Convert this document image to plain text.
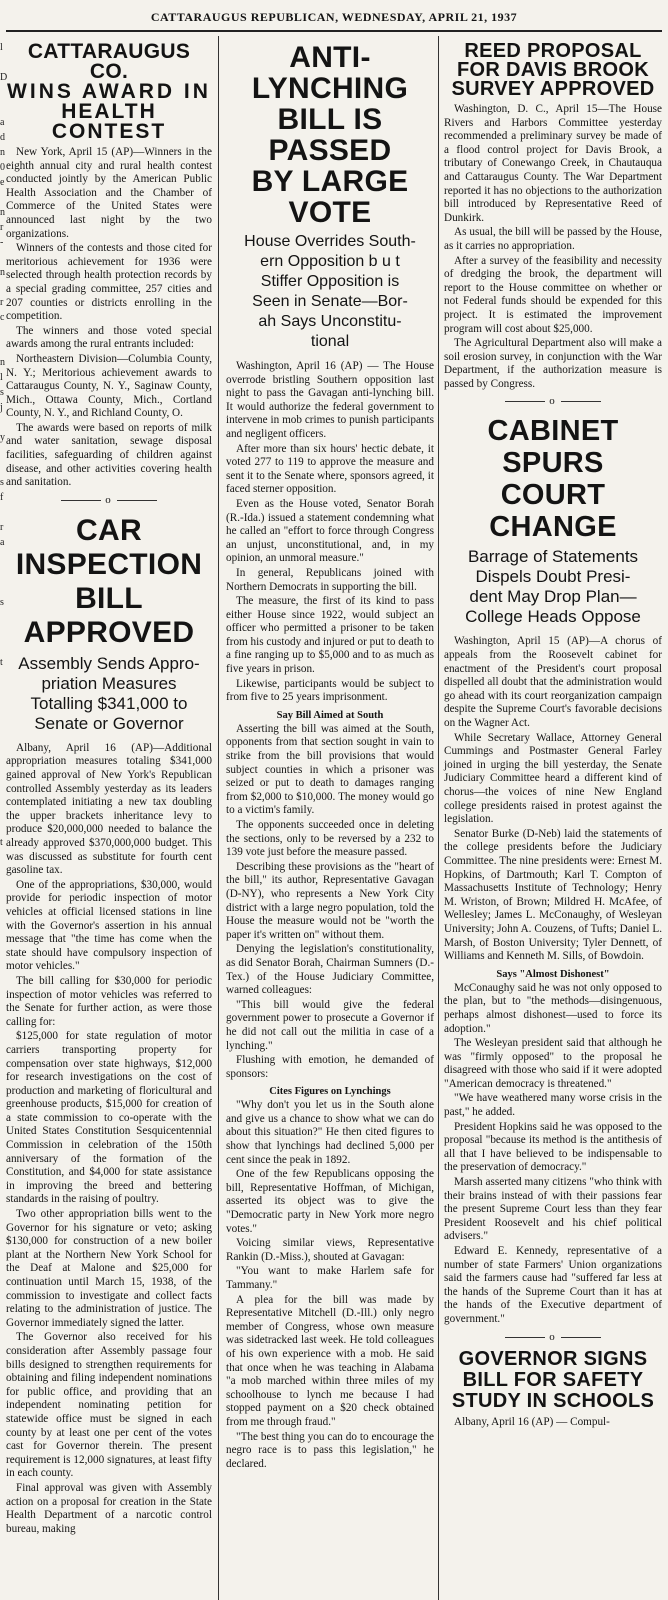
CATTARAUGUS REPUBLICAN, WEDNESDAY, APRIL 21, 1937
l

D

a
d
n
0
e

n
r
-

n

r
c

n
l
s
j

y

s
f

r
a

s

t

t
CATTARAUGUS CO.
WINS AWARD IN
HEALTH CONTEST

New York, April 15 (AP)—Winners in the eighth annual city and rural health contest conducted jointly by the American Public Health Association and the Chamber of Commerce of the United States were announced last night by the two organizations.

Winners of the contests and those cited for meritorious achievement for 1936 were selected through health protection records by a special grading committee, 257 cities and 207 counties or districts enrolling in the competition.

The winners and those voted special awards among the rural entrants included:

Northeastern Division—Columbia County, N. Y.; Meritorious achievement awards to Cattaraugus County, N. Y., Saginaw County, Mich., Ottawa County, Mich., Cortland County, N. Y., and Richland County, O.

The awards were based on reports of milk and water sanitation, sewage disposal facilities, safeguarding of children against disease, and other activities covering health and sanitation.

o
CAR INSPECTION
BILL APPROVED
Assembly Sends Appro-
priation Measures
Totalling $341,000 to
Senate or Governor

Albany, April 16 (AP)—Additional appropriation measures totaling $341,000 gained approval of New York's Republican controlled Assembly yesterday as its leaders contemplated initiating a new tax doubling the upper brackets inheritance levy to produce $20,000,000 needed to balance the already approved $370,000,000 budget. This was discussed as substitute for fourth cent gasoline tax.

One of the appropriations, $30,000, would provide for periodic inspection of motor vehicles at official licensed stations in line with the Governor's assertion in his annual message that "the time has come when the state should have compulsory inspection of motor vehicles."

The bill calling for $30,000 for periodic inspection of motor vehicles was referred to the Senate for further action, as were those calling for:

$125,000 for state regulation of motor carriers transporting property for compensation over state highways, $12,000 for research investigations on the cost of production and marketing of floricultural and greenhouse products, $15,000 for creation of a state commission to co-operate with the United States Constitution Sesquicentennial Commission in celebration of the 150th anniversary of the formation of the Constitution, and $4,000 for state assistance in improving the breed and bettering standards in the raising of poultry.

Two other appropriation bills went to the Governor for his signature or veto; asking $130,000 for construction of a new boiler plant at the Northern New York School for the Deaf at Malone and $25,000 for continuation until March 15, 1938, of the commission to investigate and collect facts relating to the administration of justice. The Governor immediately signed the latter.

The Governor also received for his consideration after Assembly passage four bills designed to strengthen requirements for obtaining and filing independent nominations for public office, and providing that an independent nominating petition for statewide office must be signed in each county by at least one per cent of the votes cast for Governor therein. The present requirement is 12,000 signatures, at least fifty in each county.

Final approval was given with Assembly action on a proposal for creation in the State Health Department of a narcotic control bureau, making

ANTI-LYNCHING
BILL IS PASSED
BY LARGE VOTE
House Overrides South-
ern Opposition b u t
Stiffer Opposition is
Seen in Senate—Bor-
ah Says Unconstitu-
tional

Washington, April 16 (AP) — The House overrode bristling Southern opposition last night to pass the Gavagan anti-lynching bill. It would authorize the federal government to intervene in mob crimes to punish participants and negligent officers.

After more than six hours' hectic debate, it voted 277 to 119 to approve the measure and sent it to the Senate where, sponsors agreed, it faced sterner opposition.

Even as the House voted, Senator Borah (R.-Ida.) issued a statement condemning what he called an "effort to force through Congress an unjust, unconstitutional, and, in my opinion, an unmoral measure."

In general, Republicans joined with Northern Democrats in supporting the bill.

The measure, the first of its kind to pass either House since 1922, would subject an officer who permitted a prisoner to be taken from his custody and injured or put to death to a fine ranging up to $5,000 and to as much as five years in prison.

Likewise, participants would be subject to from five to 25 years imprisonment.

Say Bill Aimed at South

Asserting the bill was aimed at the South, opponents from that section sought in vain to strike from the bill provisions that would subject counties in which a prisoner was seized or put to death to damages ranging from $2,000 to $10,000. The money would go to a victim's family.

The opponents succeeded once in deleting the sections, only to be reversed by a 232 to 139 vote just before the measure passed.

Describing these provisions as the "heart of the bill," its author, Representative Gavagan (D-NY), who represents a New York City district with a large negro population, told the House the measure would not be "worth the paper it's written on" without them.

Denying the legislation's constitutionality, as did Senator Borah, Chairman Sumners (D.-Tex.) of the House Judiciary Committee, warned colleagues:

"This bill would give the federal government power to prosecute a Governor if he did not call out the militia in case of a lynching."

Flushing with emotion, he demanded of sponsors:

Cites Figures on Lynchings

"Why don't you let us in the South alone and give us a chance to show what we can do about this situation?" He then cited figures to show that lynchings had declined 5,000 per cent since the peak in 1892.

One of the few Republicans opposing the bill, Representative Hoffman, of Michigan, asserted its object was to give the "Democratic party in New York more negro votes."

Voicing similar views, Representative Rankin (D.-Miss.), shouted at Gavagan:

"You want to make Harlem safe for Tammany."

A plea for the bill was made by Representative Mitchell (D.-Ill.) only negro member of Congress, whose own measure was sidetracked last week. He told colleagues of his own experience with a mob. He said that once when he was teaching in Alabama "a mob marched within three miles of my schoolhouse to lynch me because I had stopped payment on a $20 check obtained from me through fraud."

"The best thing you can do to encourage the negro race is to pass this legislation," he declared.

REED PROPOSAL
FOR DAVIS BROOK
SURVEY APPROVED

Washington, D. C., April 15—The House Rivers and Harbors Committee yesterday recommended a preliminary survey be made of a flood control project for Davis Brook, a tributary of Conewango Creek, in Chautauqua and Cattaraugus County. The War Department reported it has no objections to the authorization bill introduced by Representative Reed of Dunkirk.

As usual, the bill will be passed by the House, as it carries no appropriation.

After a survey of the feasibility and necessity of dredging the brook, the department will report to the House committee on whether or not Federal funds should be expended for this project. It is estimated the improvement program will cost about $25,000.

The Agricultural Department also will make a soil erosion survey, in conjunction with the War Department, if the authorization measure is passed by Congress.

o
CABINET SPURS
COURT CHANGE
Barrage of Statements
Dispels Doubt Presi-
dent May Drop Plan—
College Heads Oppose

Washington, April 15 (AP)—A chorus of appeals from the Roosevelt cabinet for enactment of the President's court proposal dispelled all doubt that the administration would go ahead with its court reorganization campaign despite the Supreme Court's favorable decisions on the Wagner Act.

While Secretary Wallace, Attorney General Cummings and Postmaster General Farley joined in urging the bill yesterday, the Senate Judiciary Committee heard a different kind of chorus—the voices of nine New England college presidents raised in protest against the legislation.

Senator Burke (D-Neb) laid the statements of the college presidents before the Judiciary Committee. The nine presidents were: Ernest M. Hopkins, of Dartmouth; Karl T. Compton of Massachusetts Institute of Technology; Henry M. Wriston, of Brown; Mildred H. McAfee, of Wellesley; James L. McConaughy, of Wesleyan University; John A. Couzens, of Tufts; Daniel L. Marsh, of Boston University; Tyler Dennett, of Williams and Kenneth M. Sills, of Bowdoin.

Says "Almost Dishonest"

McConaughy said he was not only opposed to the plan, but to "the methods—disingenuous, perhaps almost dishonest—used to force its adoption."

The Wesleyan president said that although he was "firmly opposed" to the proposal he disagreed with those who said if it were adopted "American democracy is threatened."

"We have weathered many worse crisis in the past," he added.

President Hopkins said he was opposed to the proposal "because its method is the antithesis of all that I have believed to be indispensable to the preservation of democracy."

Marsh asserted many citizens "who think with their brains instead of with their passions fear the present Supreme Court less than they fear President Roosevelt and his chief political advisers."

Edward E. Kennedy, representative of a number of state Farmers' Union organizations said the farmers cause had "suffered far less at the hands of the Supreme Court than it has at the hands of the Executive department of government."

o
GOVERNOR SIGNS
BILL FOR SAFETY
STUDY IN SCHOOLS

Albany, April 16 (AP) — Compul-
